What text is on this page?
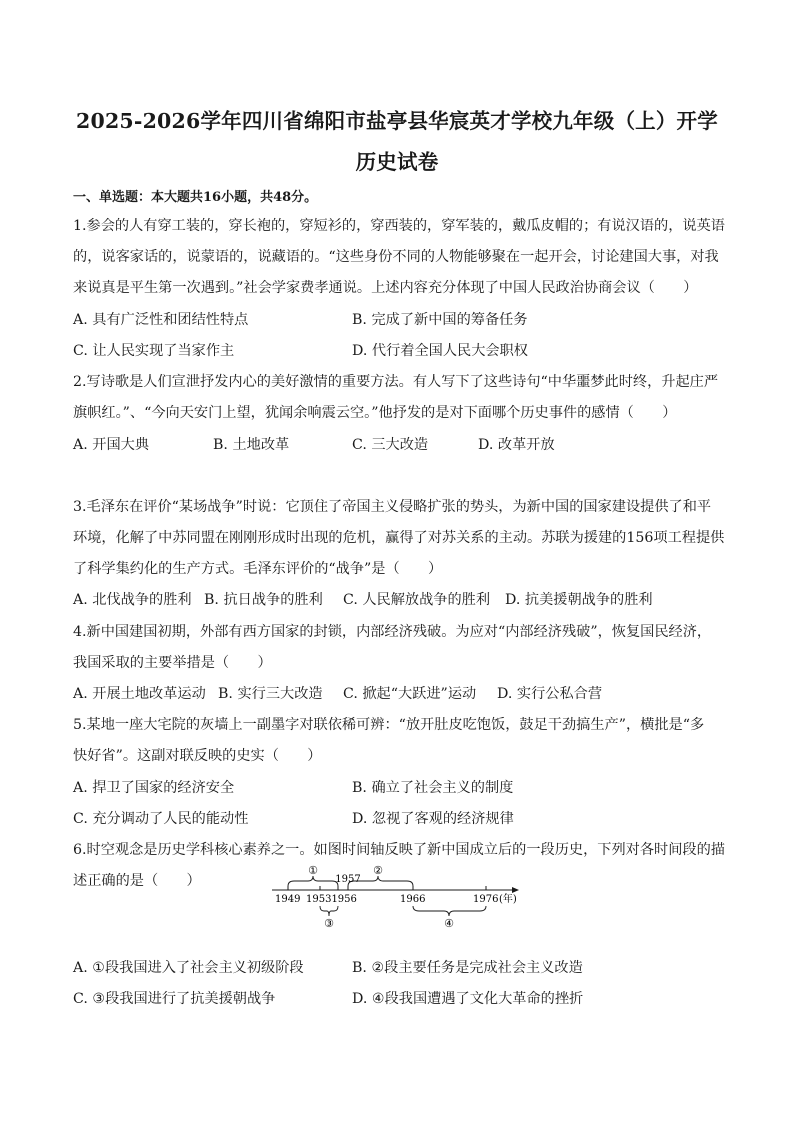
2025-2026学年四川省绵阳市盐亭县华宸英才学校九年级（上）开学
历史试卷
一、单选题：本大题共16小题，共48分。
1.参会的人有穿工装的，穿长袍的，穿短衫的，穿西装的，穿军装的，戴瓜皮帽的；有说汉语的，说英语
的，说客家话的，说蒙语的，说藏语的。“这些身份不同的人物能够聚在一起开会，讨论建国大事，对我
来说真是平生第一次遇到。”社会学家费孝通说。上述内容充分体现了中国人民政治协商会议（　　）
A. 具有广泛性和团结性特点	B. 完成了新中国的筹备任务
C. 让人民实现了当家作主	D. 代行着全国人民大会职权
2.写诗歌是人们宣泄抒发内心的美好激情的重要方法。有人写下了这些诗句“中华噩梦此时终，升起庄严
旗帜红。”、“今向天安门上望，犹闻余响震云空。”他抒发的是对下面哪个历史事件的感情（　　）
A. 开国大典	B. 土地改革	C. 三大改造	D. 改革开放
3.毛泽东在评价“某场战争”时说：它顶住了帝国主义侵略扩张的势头，为新中国的国家建设提供了和平
环境，化解了中苏同盟在刚刚形成时出现的危机，赢得了对苏关系的主动。苏联为援建的156项工程提供
了科学集约化的生产方式。毛泽东评价的“战争”是（　　）
A. 北伐战争的胜利 B. 抗日战争的胜利 C. 人民解放战争的胜利 D. 抗美援朝战争的胜利
4.新中国建国初期，外部有西方国家的封锁，内部经济残破。为应对“内部经济残破”，恢复国民经济，
我国采取的主要举措是（　　）
A. 开展土地改革运动 B. 实行三大改造 C. 掀起“大跃进”运动 D. 实行公私合营
5.某地一座大宅院的灰墙上一副墨字对联依稀可辨：“放开肚皮吃饱饭，鼓足干劲搞生产”，横批是“多
快好省”。这副对联反映的史实（　　）
A. 捍卫了国家的经济安全	B. 确立了社会主义的制度
C. 充分调动了人民的能动性	D. 忽视了客观的经济规律
6.时空观念是历史学科核心素养之一。如图时间轴反映了新中国成立后的一段历史，下列对各时间段的描
述正确的是（　　）
①	②
1957
1949 19531956	1966	1976 (年)
③	④
A. ①段我国进入了社会主义初级阶段	B. ②段主要任务是完成社会主义改造
C. ③段我国进行了抗美援朝战争	D. ④段我国遭遇了文化大革命的挫折
